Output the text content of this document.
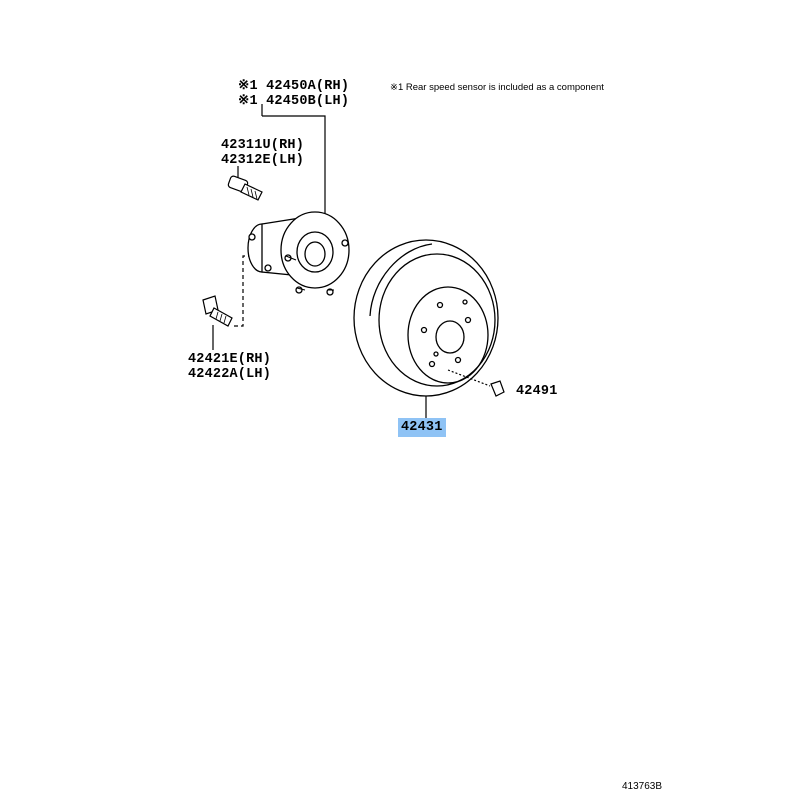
※1 42450A(RH)
※1 42450B(LH)
※1 Rear speed sensor is included as a component
42311U(RH)
42312E(LH)
42421E(RH)
42422A(LH)
42491
42431
413763B
